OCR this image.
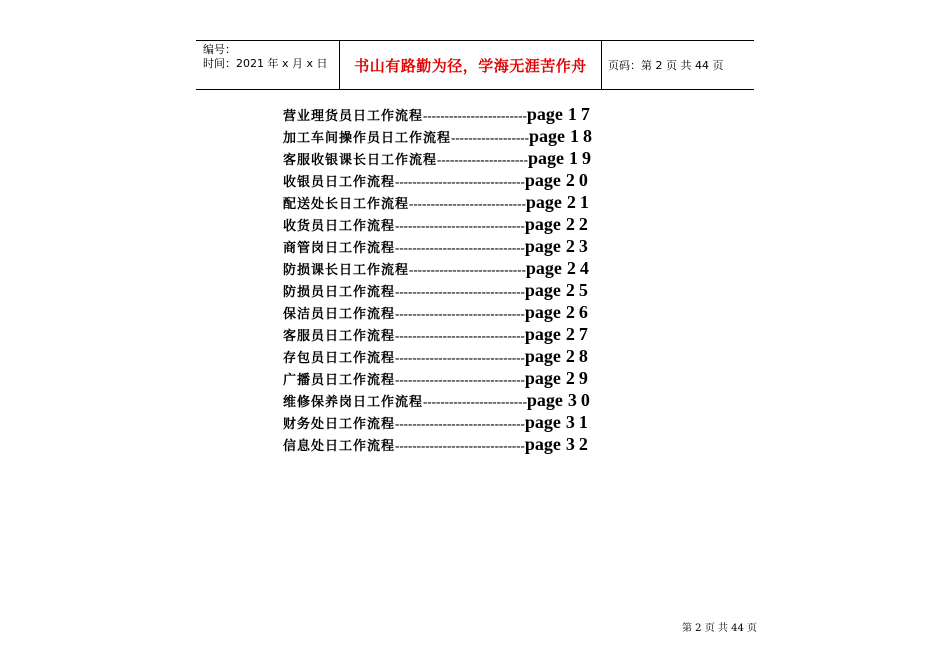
编号：
时间：2021 年 x 月 x 日	书山有路勤为径，学海无涯苦作舟 页码：第 2 页 共 44 页
营业理货员日工作流程 ------------------------ page 17
加工车间操作员日工作流程 ------------------ page 18
客服收银课长日工作流程 --------------------- page 19
收银员日工作流程 ------------------------------ page 20
配送处长日工作流程 --------------------------- page 21
收货员日工作流程 ------------------------------ page 22
商管岗日工作流程 ------------------------------ page 23
防损课长日工作流程 --------------------------- page 24
防损员日工作流程 ------------------------------ page 25
保洁员日工作流程 ------------------------------ page 26
客服员日工作流程 ------------------------------ page 27
存包员日工作流程 ------------------------------ page 28
广播员日工作流程 ------------------------------ page 29
维修保养岗日工作流程 ------------------------ page 30
财务处日工作流程 ------------------------------ page 31
信息处日工作流程 ------------------------------ page 32
第 2 页 共 44 页
